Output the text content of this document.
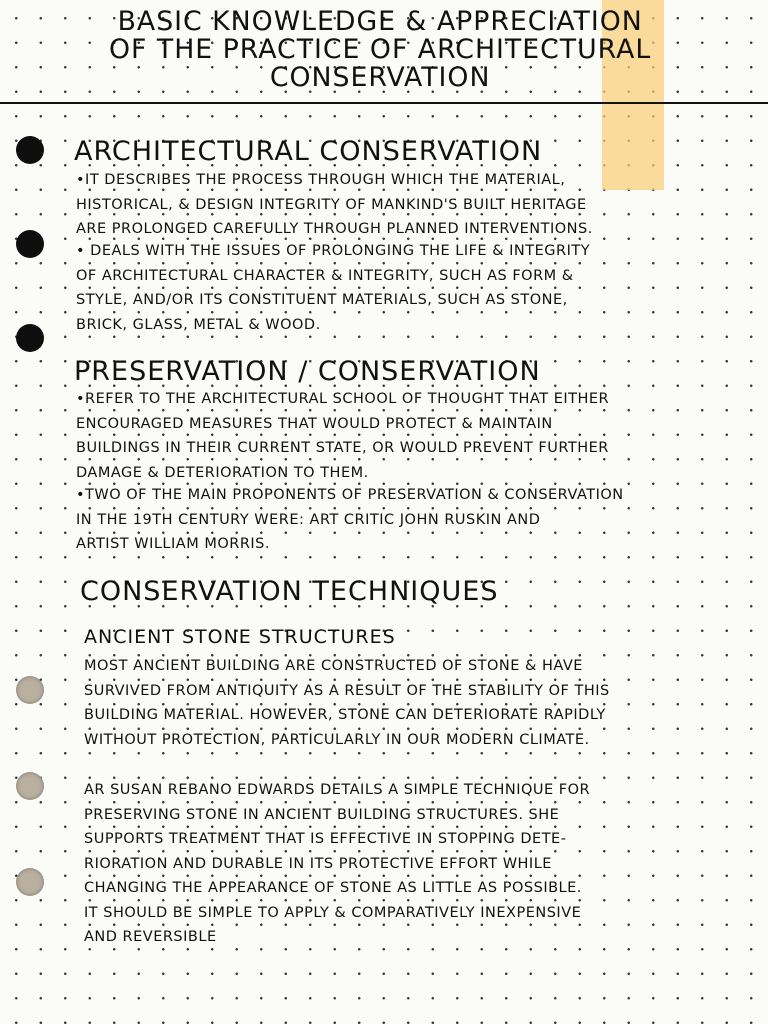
BASIC KNOWLEDGE & APPRECIATION
OF THE PRACTICE OF ARCHITECTURAL
CONSERVATION
ARCHITECTURAL CONSERVATION

•IT DESCRIBES THE PROCESS THROUGH WHICH THE MATERIAL,
HISTORICAL, & DESIGN INTEGRITY OF MANKIND'S BUILT HERITAGE
ARE PROLONGED CAREFULLY THROUGH PLANNED INTERVENTIONS.

• DEALS WITH THE ISSUES OF PROLONGING THE LIFE & INTEGRITY
OF ARCHITECTURAL CHARACTER & INTEGRITY, SUCH AS FORM &
STYLE, AND/OR ITS CONSTITUENT MATERIALS, SUCH AS STONE,
BRICK, GLASS, METAL & WOOD.

PRESERVATION / CONSERVATION

•REFER TO THE ARCHITECTURAL SCHOOL OF THOUGHT THAT EITHER
ENCOURAGED MEASURES THAT WOULD PROTECT & MAINTAIN
BUILDINGS IN THEIR CURRENT STATE, OR WOULD PREVENT FURTHER
DAMAGE & DETERIORATION TO THEM.

•TWO OF THE MAIN PROPONENTS OF PRESERVATION & CONSERVATION
IN THE 19TH CENTURY WERE: ART CRITIC JOHN RUSKIN AND
ARTIST WILLIAM MORRIS.

CONSERVATION TECHNIQUES
ANCIENT STONE STRUCTURES

MOST ANCIENT BUILDING ARE CONSTRUCTED OF STONE & HAVE
SURVIVED FROM ANTIQUITY AS A RESULT OF THE STABILITY OF THIS
BUILDING MATERIAL. HOWEVER, STONE CAN DETERIORATE RAPIDLY
WITHOUT PROTECTION, PARTICULARLY IN OUR MODERN CLIMATE.

AR SUSAN REBANO EDWARDS DETAILS A SIMPLE TECHNIQUE FOR
PRESERVING STONE IN ANCIENT BUILDING STRUCTURES. SHE
SUPPORTS TREATMENT THAT IS EFFECTIVE IN STOPPING DETE-
RIORATION AND DURABLE IN ITS PROTECTIVE EFFORT WHILE
CHANGING THE APPEARANCE OF STONE AS LITTLE AS POSSIBLE.
IT SHOULD BE SIMPLE TO APPLY & COMPARATIVELY INEXPENSIVE
AND REVERSIBLE
